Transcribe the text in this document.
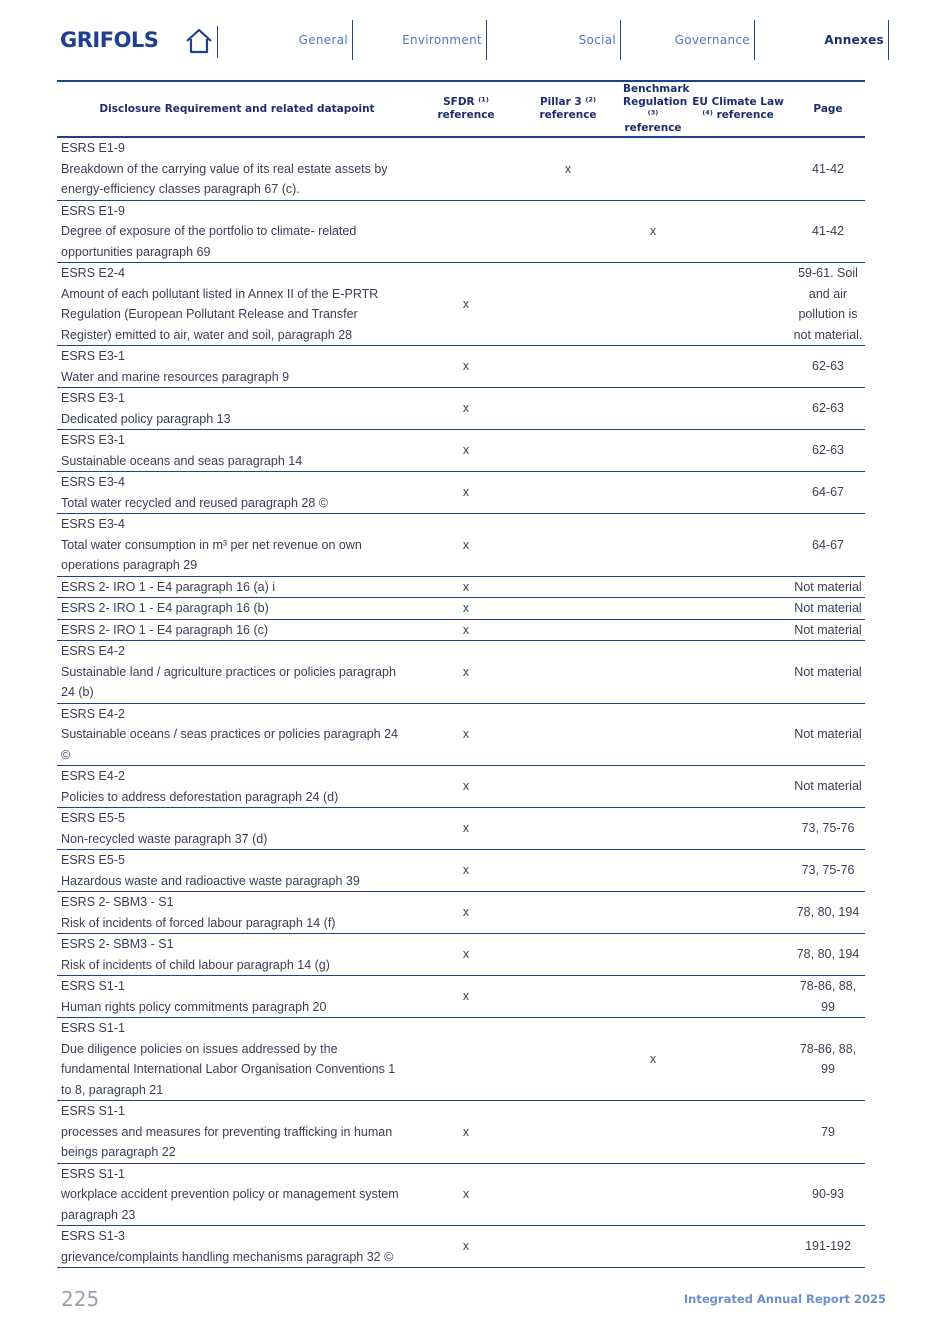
GRIFOLS	General	Environment	Social	Governance	Annexes
Disclosure Requirement and related datapoint	SFDR ⁽¹⁾ reference	Pillar 3 ⁽²⁾ reference	Benchmark Regulation ⁽³⁾ reference	EU Climate Law ⁽⁴⁾ reference	Page

ESRS E1-9
Breakdown of the carrying value of its real estate assets by energy-efficiency classes paragraph 67 (c).		x			41-42

ESRS E1-9
Degree of exposure of the portfolio to climate- related opportunities paragraph 69			x		41-42

ESRS E2-4
Amount of each pollutant listed in Annex II of the E-PRTR Regulation (European Pollutant Release and Transfer Register) emitted to air, water and soil, paragraph 28	x				59-61. Soil and air pollution is not material.

ESRS E3-1
Water and marine resources paragraph 9	x				62-63

ESRS E3-1
Dedicated policy paragraph 13	x				62-63

ESRS E3-1
Sustainable oceans and seas paragraph 14	x				62-63

ESRS E3-4
Total water recycled and reused paragraph 28 ©	x				64-67

ESRS E3-4
Total water consumption in m³ per net revenue on own operations paragraph 29	x				64-67

ESRS 2- IRO 1 - E4 paragraph 16 (a) i	x				Not material

ESRS 2- IRO 1 - E4 paragraph 16 (b)	x				Not material

ESRS 2- IRO 1 - E4 paragraph 16 (c)	x				Not material

ESRS E4-2
Sustainable land / agriculture practices or policies paragraph 24 (b)	x				Not material

ESRS E4-2
Sustainable oceans / seas practices or policies paragraph 24 ©	x				Not material

ESRS E4-2
Policies to address deforestation paragraph 24 (d)	x				Not material

ESRS E5-5
Non-recycled waste paragraph 37 (d)	x				73, 75-76

ESRS E5-5
Hazardous waste and radioactive waste paragraph 39	x				73, 75-76

ESRS 2- SBM3 - S1
Risk of incidents of forced labour paragraph 14 (f)	x				78, 80, 194

ESRS 2- SBM3 - S1
Risk of incidents of child labour paragraph 14 (g)	x				78, 80, 194

ESRS S1-1
Human rights policy commitments paragraph 20	x				78-86, 88, 99

ESRS S1-1
Due diligence policies on issues addressed by the fundamental International Labor Organisation Conventions 1 to 8, paragraph 21			x		78-86, 88, 99

ESRS S1-1
processes and measures for preventing trafficking in human beings paragraph 22	x				79

ESRS S1-1
workplace accident prevention policy or management system paragraph 23	x				90-93

ESRS S1-3
grievance/complaints handling mechanisms paragraph 32 ©	x				191-192
225	Integrated Annual Report 2025
